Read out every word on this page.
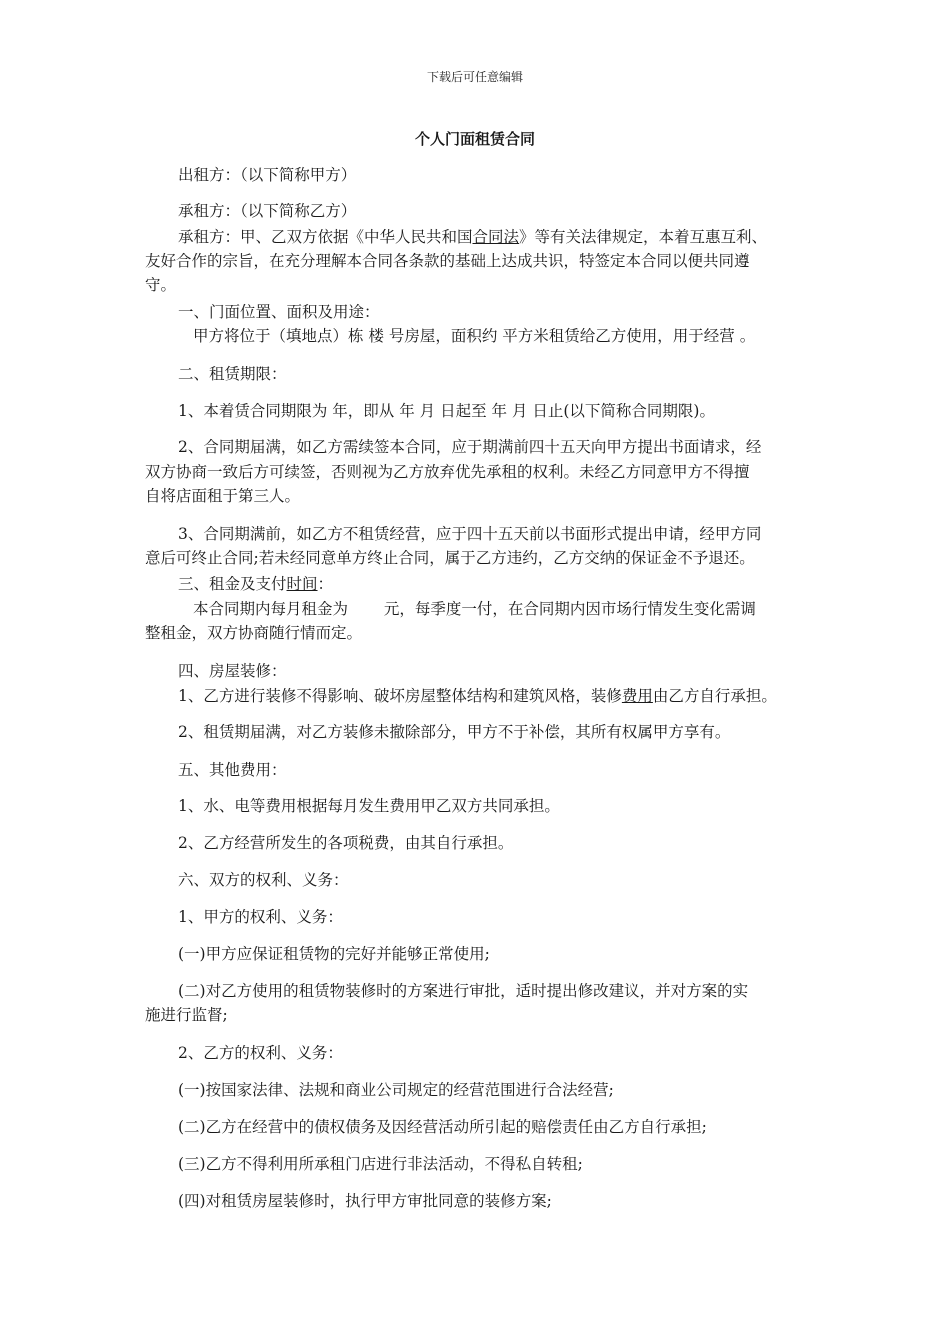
下载后可任意编辑
个人门面租赁合同
出租方：（以下简称甲方）
承租方：（以下简称乙方）
承租方：甲、乙双方依据《中华人民共和国合同法》等有关法律规定，本着互惠互利、
友好合作的宗旨，在充分理解本合同各条款的基础上达成共识，特签定本合同以便共同遵
守。
一、门面位置、面积及用途：
甲方将位于（填地点）栋 楼 号房屋，面积约 平方米租赁给乙方使用，用于经营 。
二、租赁期限：
1、本着赁合同期限为 年，即从 年 月 日起至 年 月 日止(以下简称合同期限)。
2、合同期届满，如乙方需续签本合同，应于期满前四十五天向甲方提出书面请求，经
双方协商一致后方可续签，否则视为乙方放弃优先承租的权利。未经乙方同意甲方不得擅
自将店面租于第三人。
3、合同期满前，如乙方不租赁经营，应于四十五天前以书面形式提出申请，经甲方同
意后可终止合同;若未经同意单方终止合同，属于乙方违约，乙方交纳的保证金不予退还。
三、租金及支付时间：
本合同期内每月租金为　　 元，每季度一付，在合同期内因市场行情发生变化需调
整租金，双方协商随行情而定。
四、房屋装修：
1、乙方进行装修不得影响、破坏房屋整体结构和建筑风格，装修费用由乙方自行承担。
2、租赁期届满，对乙方装修未撤除部分，甲方不于补偿，其所有权属甲方享有。
五、其他费用：
1、水、电等费用根据每月发生费用甲乙双方共同承担。
2、乙方经营所发生的各项税费，由其自行承担。
六、双方的权利、义务：
1、甲方的权利、义务：
(一)甲方应保证租赁物的完好并能够正常使用;
(二)对乙方使用的租赁物装修时的方案进行审批，适时提出修改建议，并对方案的实
施进行监督;
2、乙方的权利、义务：
(一)按国家法律、法规和商业公司规定的经营范围进行合法经营;
(二)乙方在经营中的债权债务及因经营活动所引起的赔偿责任由乙方自行承担;
(三)乙方不得利用所承租门店进行非法活动，不得私自转租;
(四)对租赁房屋装修时，执行甲方审批同意的装修方案;
